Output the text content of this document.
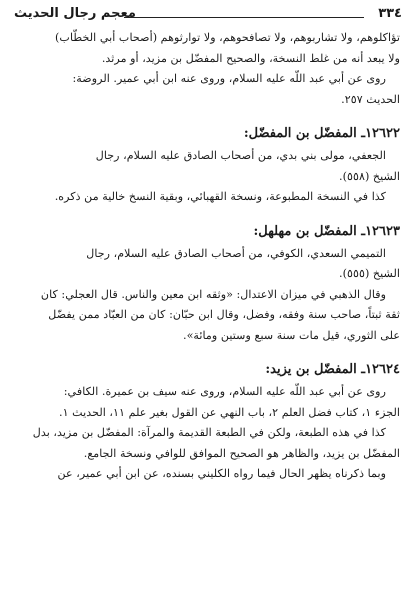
معجم رجال الحديث	٣٣٤
تؤاكلوهم، ولا تشاربوهم، ولا تصافحوهم، ولا توارثوهم (أصحاب أبي الخطّاب)
ولا يبعد أنه من غلط النسخة، والصحيح المفضّل بن مزيد، أو مرثد.
روى عن أبي عبد اللّه عليه السلام، وروى عنه ابن أبي عمير. الروضة:
الحديث ٢٥٧.
١٢٦٢٢ـ المفضّل بن المفضّل:
الجعفي، مولى بني بدي، من أصحاب الصادق عليه السلام، رجال
الشيخ (٥٥٨).
كذا في النسخة المطبوعة، ونسخة القهبائي، وبقية النسخ خالية من ذكره.
١٢٦٢٣ـ المفضّل بن مهلهل:
التميمي السعدي، الكوفي، من أصحاب الصادق عليه السلام، رجال
الشيخ (٥٥٥).
وقال الذهبي في ميزان الاعتدال: «وثقه ابن معين والناس. قال العجلي: كان
ثقة ثبتاً، صاحب سنة وفقه، وفضل، وقال ابن حبّان: كان من العبّاد ممن يفضّل
على الثوري، قيل مات سنة سبع وستين ومائة».
١٢٦٢٤ـ المفضّل بن يزيد:
روى عن أبي عبد اللّه عليه السلام، وروى عنه سيف بن عميرة. الكافي:
الجزء ١، كتاب فضل العلم ٢، باب النهي عن القول بغير علم ١١، الحديث ١.
كذا في هذه الطبعة، ولكن في الطبعة القديمة والمرآة: المفضّل بن مزيد، بدل
المفضّل بن يزيد، والظاهر هو الصحيح الموافق للوافي ونسخة الجامع.
وبما ذكرناه يظهر الحال فيما رواه الكليني بسنده، عن ابن أبي عمير، عن
